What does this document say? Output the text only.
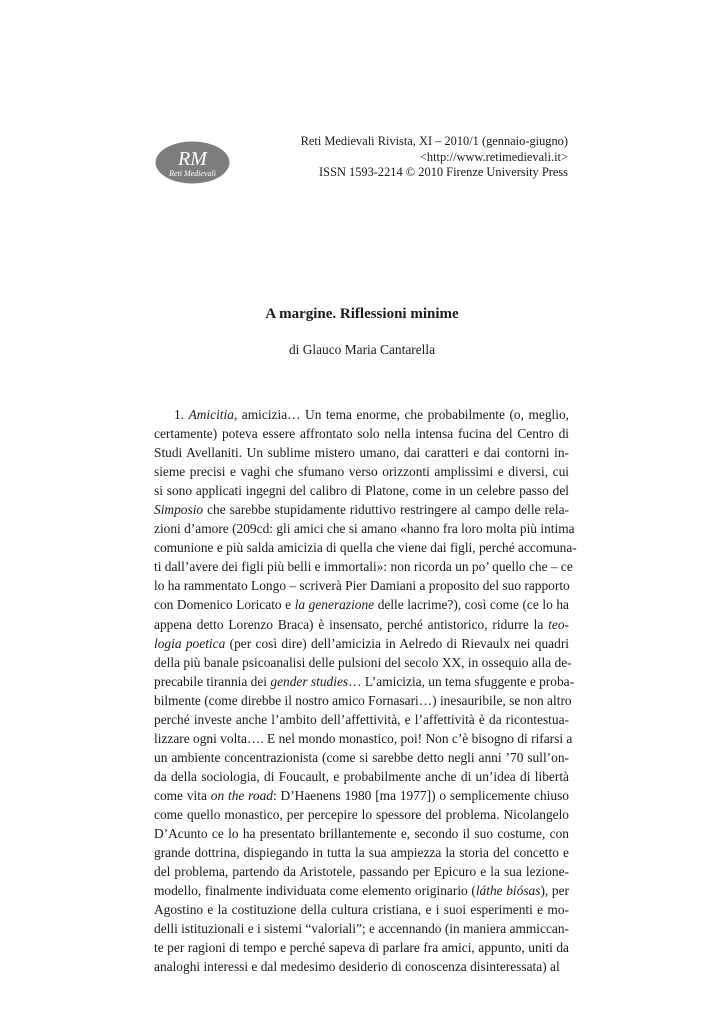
RM
Reti Medievali
Reti Medievali Rivista, XI – 2010/1 (gennaio-giugno)
<http://www.retimedievali.it>
ISSN 1593-2214 © 2010 Firenze University Press
A margine. Riflessioni minime
di Glauco Maria Cantarella
1. Amicitia, amicizia… Un tema enorme, che probabilmente (o, meglio,
certamente) poteva essere affrontato solo nella intensa fucina del Centro di
Studi Avellaniti. Un sublime mistero umano, dai caratteri e dai contorni in-
sieme precisi e vaghi che sfumano verso orizzonti amplissimi e diversi, cui
si sono applicati ingegni del calibro di Platone, come in un celebre passo del
Simposio che sarebbe stupidamente riduttivo restringere al campo delle rela-
zioni d’amore (209cd: gli amici che si amano «hanno fra loro molta più intima
comunione e più salda amicizia di quella che viene dai figli, perché accomuna-
ti dall’avere dei figli più belli e immortali»: non ricorda un po’ quello che – ce
lo ha rammentato Longo – scriverà Pier Damiani a proposito del suo rapporto
con Domenico Loricato e la generazione delle lacrime?), così come (ce lo ha
appena detto Lorenzo Braca) è insensato, perché antistorico, ridurre la teo-
logia poetica (per così dire) dell’amicizia in Aelredo di Rievaulx nei quadri
della più banale psicoanalisi delle pulsioni del secolo XX, in ossequio alla de-
precabile tirannia dei gender studies… L’amicizia, un tema sfuggente e proba-
bilmente (come direbbe il nostro amico Fornasari…) inesauribile, se non altro
perché investe anche l’ambito dell’affettività, e l’affettività è da ricontestua-
lizzare ogni volta…. E nel mondo monastico, poi! Non c’è bisogno di rifarsi a
un ambiente concentrazionista (come si sarebbe detto negli anni ’70 sull’on-
da della sociologia, di Foucault, e probabilmente anche di un’idea di libertà
come vita on the road: D’Haenens 1980 [ma 1977]) o semplicemente chiuso
come quello monastico, per percepire lo spessore del problema. Nicolangelo
D’Acunto ce lo ha presentato brillantemente e, secondo il suo costume, con
grande dottrina, dispiegando in tutta la sua ampiezza la storia del concetto e
del problema, partendo da Aristotele, passando per Epicuro e la sua lezione-
modello, finalmente individuata come elemento originario (láthe biósas), per
Agostino e la costituzione della cultura cristiana, e i suoi esperimenti e mo-
delli istituzionali e i sistemi “valoriali”; e accennando (in maniera ammiccan-
te per ragioni di tempo e perché sapeva di parlare fra amici, appunto, uniti da
analoghi interessi e dal medesimo desiderio di conoscenza disinteressata) al
